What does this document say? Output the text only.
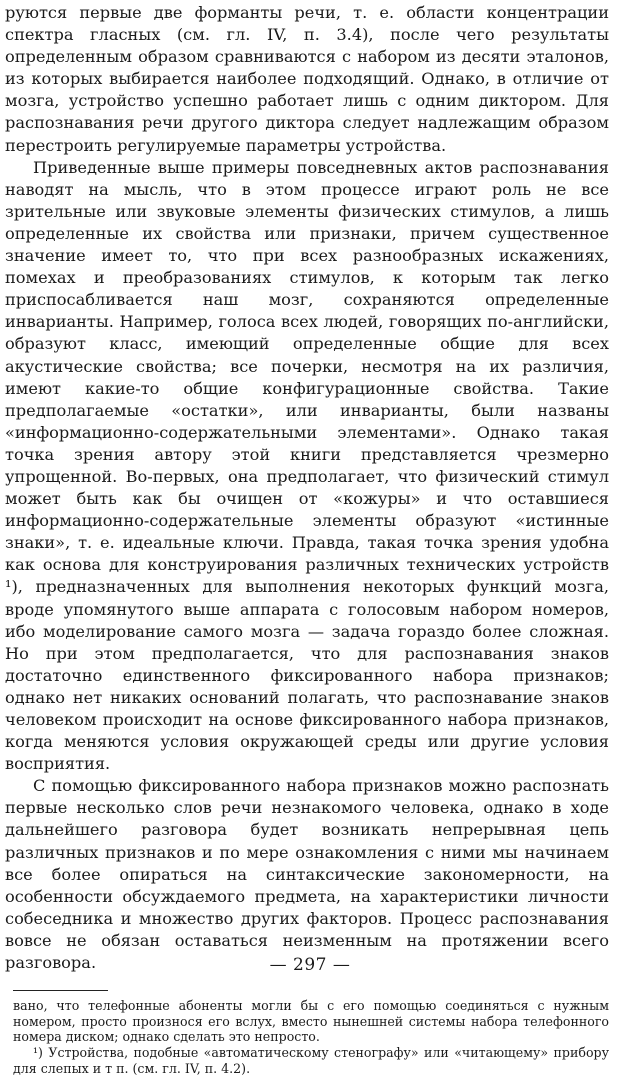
руются первые две форманты речи, т. е. области концентрации спектра гласных (см. гл. IV, п. 3.4), после чего результаты определенным образом сравниваются с набором из десяти эталонов, из которых выбирается наиболее подходящий. Однако, в отличие от мозга, устройство успешно работает лишь с одним диктором. Для распознавания речи другого диктора следует надлежащим образом перестроить регулируемые параметры устройства.

Приведенные выше примеры повседневных актов распознавания наводят на мысль, что в этом процессе играют роль не все зрительные или звуковые элементы физических стимулов, а лишь определенные их свойства или признаки, причем существенное значение имеет то, что при всех разнообразных искажениях, помехах и преобразованиях стимулов, к которым так легко приспосабливается наш мозг, сохраняются определенные инварианты. Например, голоса всех людей, говорящих по-английски, образуют класс, имеющий определенные общие для всех акустические свойства; все почерки, несмотря на их различия, имеют какие-то общие конфигурационные свойства. Такие предполагаемые «остатки», или инварианты, были названы «информационно-содержательными элементами». Однако такая точка зрения автору этой книги представляется чрезмерно упрощенной. Во-первых, она предполагает, что физический стимул может быть как бы очищен от «кожуры» и что оставшиеся информационно-содержательные элементы образуют «истинные знаки», т. е. идеальные ключи. Правда, такая точка зрения удобна как основа для конструирования различных технических устройств ¹), предназначенных для выполнения некоторых функций мозга, вроде упомянутого выше аппарата с голосовым набором номеров, ибо моделирование самого мозга — задача гораздо более сложная. Но при этом предполагается, что для распознавания знаков достаточно единственного фиксированного набора признаков; однако нет никаких оснований полагать, что распознавание знаков человеком происходит на основе фиксированного набора признаков, когда меняются условия окружающей среды или другие условия восприятия.

С помощью фиксированного набора признаков можно распознать первые несколько слов речи незнакомого человека, однако в ходе дальнейшего разговора будет возникать непрерывная цепь различных признаков и по мере ознакомления с ними мы начинаем все более опираться на синтаксические закономерности, на особенности обсуждаемого предмета, на характеристики личности собеседника и множество других факторов. Процесс распознавания вовсе не обязан оставаться неизменным на протяжении всего разговора.

вано, что телефонные абоненты могли бы с его помощью соединяться с нужным номером, просто произнося его вслух, вместо нынешней системы набора телефонного номера диском; однако сделать это непросто.

¹) Устройства, подобные «автоматическому стенографу» или «читающему» прибору для слепых и т п. (см. гл. IV, п. 4.2).

— 297 —
